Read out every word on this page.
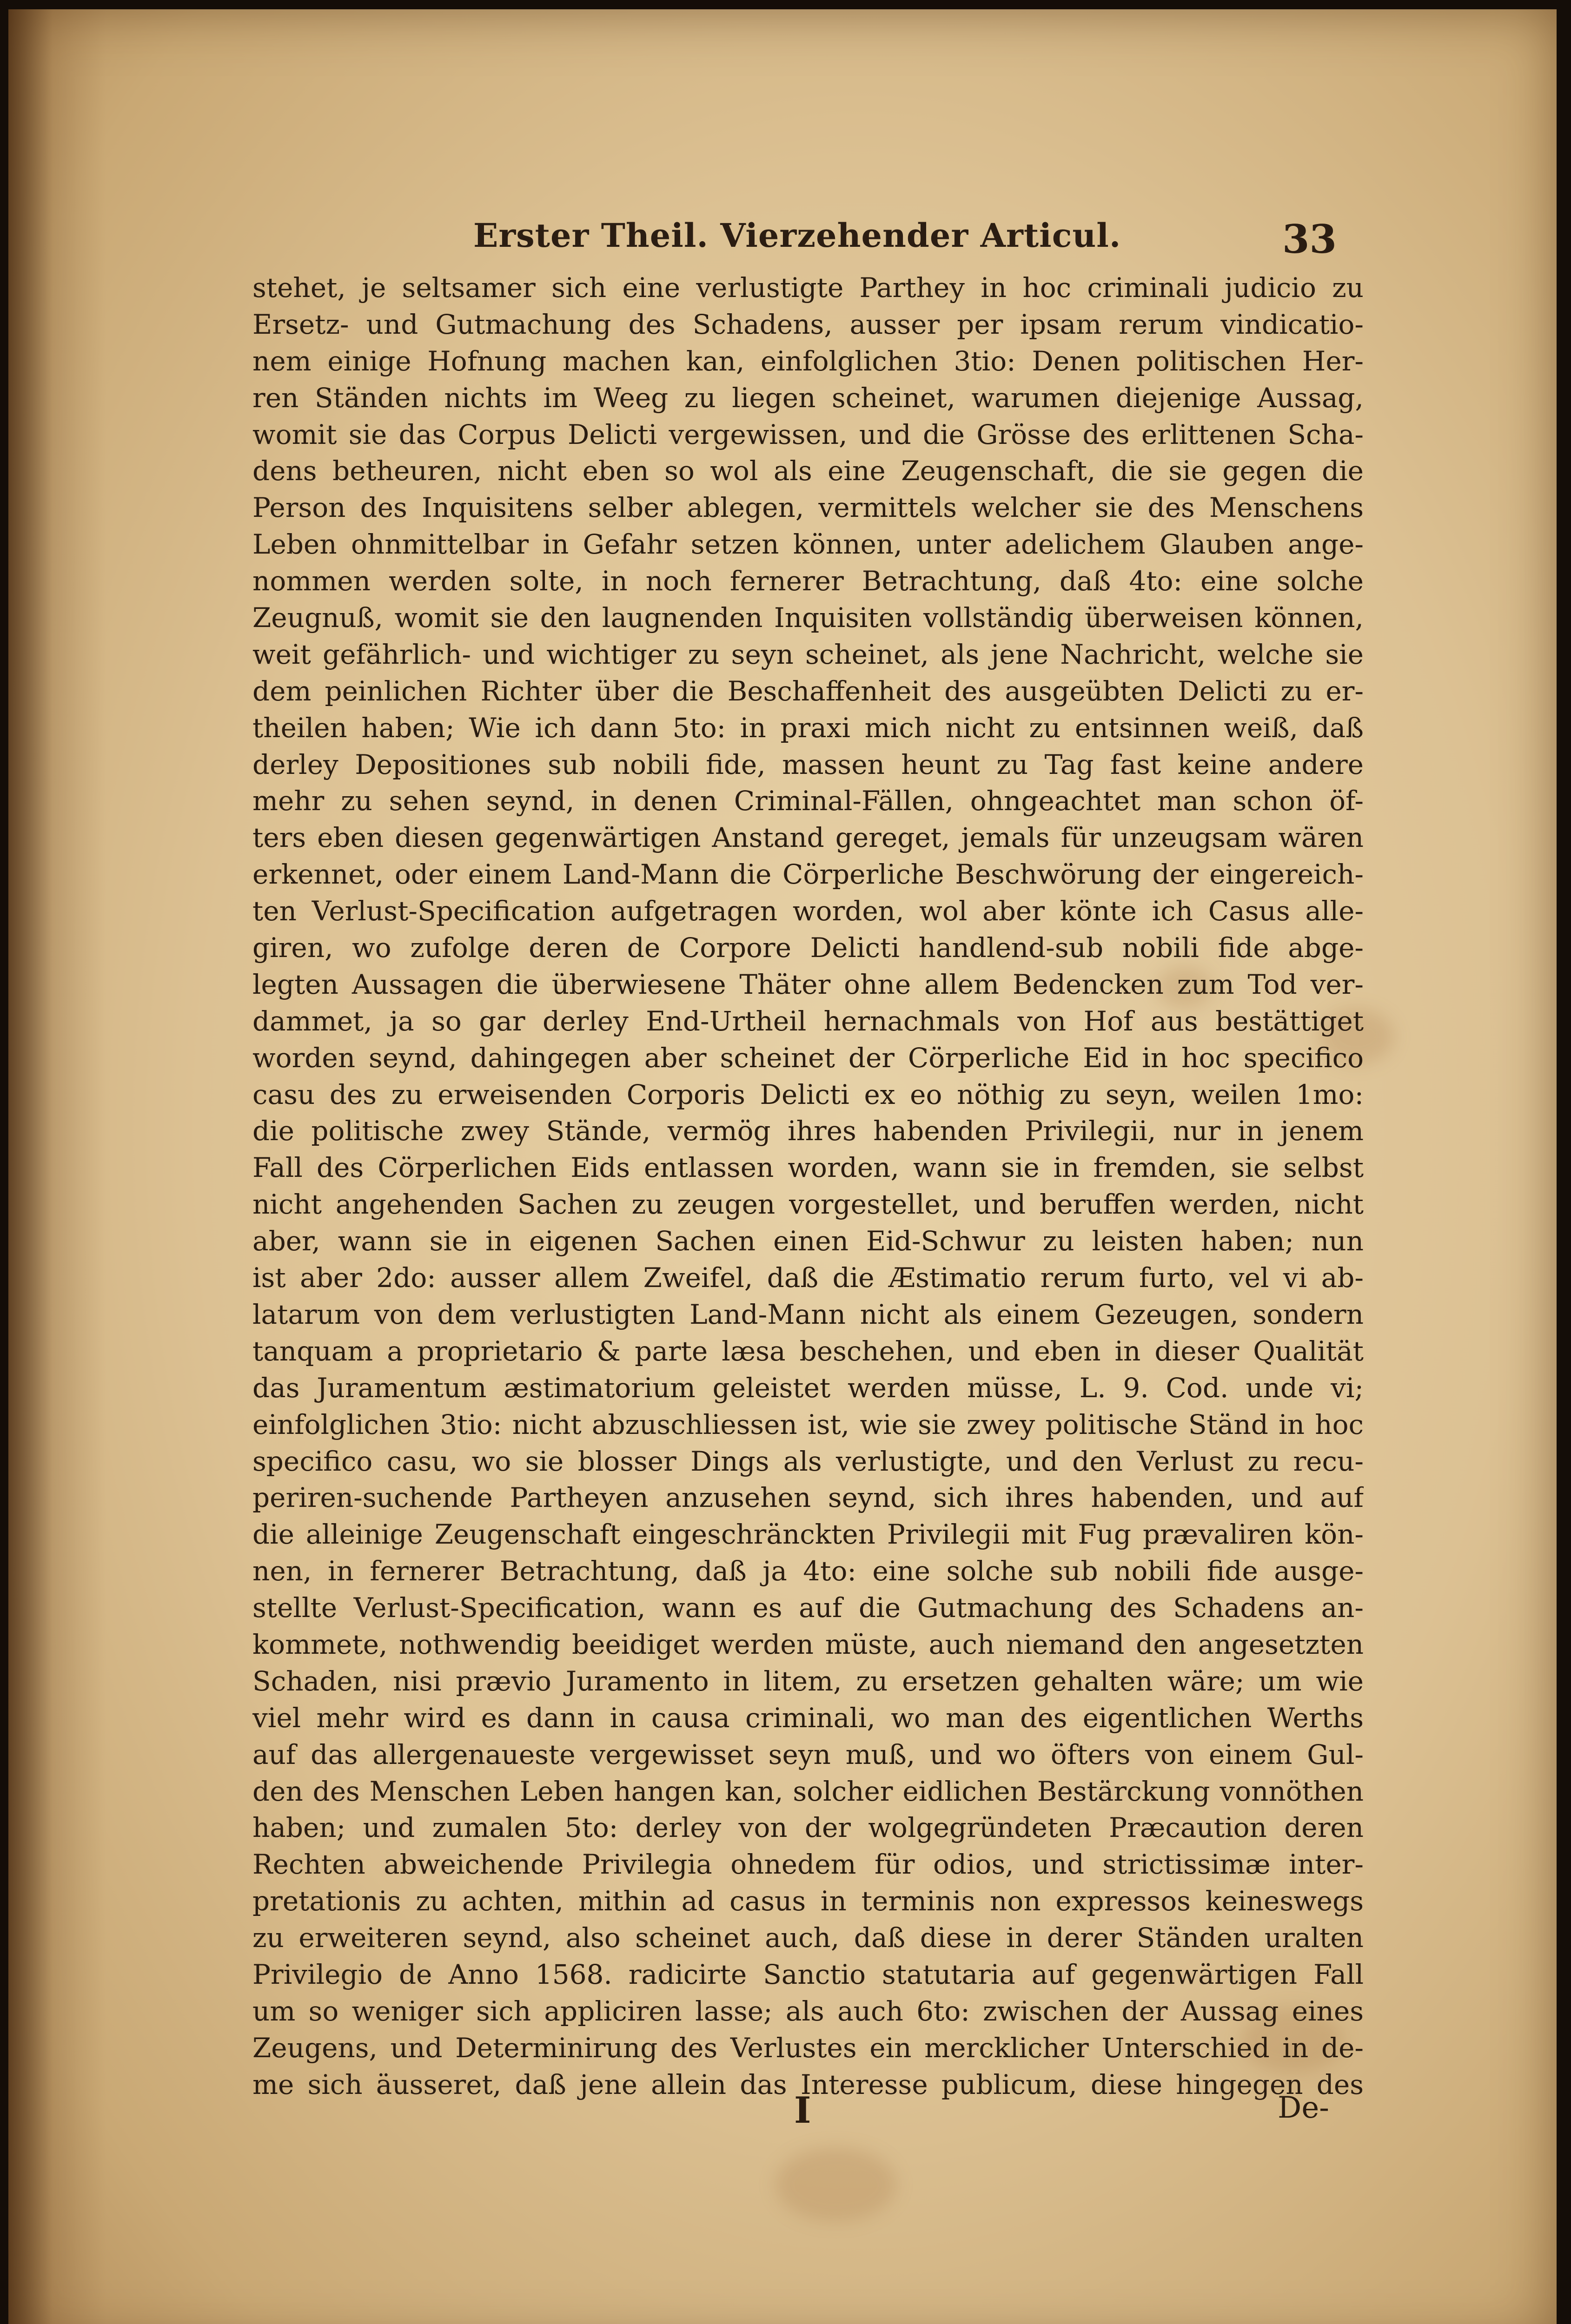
Erster Theil. Vierzehender Articul.	33
stehet, je seltsamer sich eine verlustigte Parthey in hoc criminali judicio zu
Ersetz- und Gutmachung des Schadens, ausser per ipsam rerum vindicatio-
nem einige Hofnung machen kan, einfolglichen 3tio: Denen politischen Her-
ren Ständen nichts im Weeg zu liegen scheinet, warumen diejenige Aussag,
womit sie das Corpus Delicti vergewissen, und die Grösse des erlittenen Scha-
dens betheuren, nicht eben so wol als eine Zeugenschaft, die sie gegen die
Person des Inquisitens selber ablegen, vermittels welcher sie des Menschens
Leben ohnmittelbar in Gefahr setzen können, unter adelichem Glauben ange-
nommen werden solte, in noch fernerer Betrachtung, daß 4to: eine solche
Zeugnuß, womit sie den laugnenden Inquisiten vollständig überweisen können,
weit gefährlich- und wichtiger zu seyn scheinet, als jene Nachricht, welche sie
dem peinlichen Richter über die Beschaffenheit des ausgeübten Delicti zu er-
theilen haben; Wie ich dann 5to: in praxi mich nicht zu entsinnen weiß, daß
derley Depositiones sub nobili fide, massen heunt zu Tag fast keine andere
mehr zu sehen seynd, in denen Criminal-Fällen, ohngeachtet man schon öf-
ters eben diesen gegenwärtigen Anstand gereget, jemals für unzeugsam wären
erkennet, oder einem Land-Mann die Cörperliche Beschwörung der eingereich-
ten Verlust-Specification aufgetragen worden, wol aber könte ich Casus alle-
giren, wo zufolge deren de Corpore Delicti handlend-sub nobili fide abge-
legten Aussagen die überwiesene Thäter ohne allem Bedencken zum Tod ver-
dammet, ja so gar derley End-Urtheil hernachmals von Hof aus bestättiget
worden seynd, dahingegen aber scheinet der Cörperliche Eid in hoc specifico
casu des zu erweisenden Corporis Delicti ex eo nöthig zu seyn, weilen 1mo:
die politische zwey Stände, vermög ihres habenden Privilegii, nur in jenem
Fall des Cörperlichen Eids entlassen worden, wann sie in fremden, sie selbst
nicht angehenden Sachen zu zeugen vorgestellet, und beruffen werden, nicht
aber, wann sie in eigenen Sachen einen Eid-Schwur zu leisten haben; nun
ist aber 2do: ausser allem Zweifel, daß die Æstimatio rerum furto, vel vi ab-
latarum von dem verlustigten Land-Mann nicht als einem Gezeugen, sondern
tanquam a proprietario & parte læsa beschehen, und eben in dieser Qualität
das Juramentum æstimatorium geleistet werden müsse, L. 9. Cod. unde vi;
einfolglichen 3tio: nicht abzuschliessen ist, wie sie zwey politische Ständ in hoc
specifico casu, wo sie blosser Dings als verlustigte, und den Verlust zu recu-
periren-suchende Partheyen anzusehen seynd, sich ihres habenden, und auf
die alleinige Zeugenschaft eingeschränckten Privilegii mit Fug prævaliren kön-
nen, in fernerer Betrachtung, daß ja 4to: eine solche sub nobili fide ausge-
stellte Verlust-Specification, wann es auf die Gutmachung des Schadens an-
kommete, nothwendig beeidiget werden müste, auch niemand den angesetzten
Schaden, nisi prævio Juramento in litem, zu ersetzen gehalten wäre; um wie
viel mehr wird es dann in causa criminali, wo man des eigentlichen Werths
auf das allergenaueste vergewisset seyn muß, und wo öfters von einem Gul-
den des Menschen Leben hangen kan, solcher eidlichen Bestärckung vonnöthen
haben; und zumalen 5to: derley von der wolgegründeten Præcaution deren
Rechten abweichende Privilegia ohnedem für odios, und strictissimæ inter-
pretationis zu achten, mithin ad casus in terminis non expressos keineswegs
zu erweiteren seynd, also scheinet auch, daß diese in derer Ständen uralten
Privilegio de Anno 1568. radicirte Sanctio statutaria auf gegenwärtigen Fall
um so weniger sich appliciren lasse; als auch 6to: zwischen der Aussag eines
Zeugens, und Determinirung des Verlustes ein mercklicher Unterschied in de-
me sich äusseret, daß jene allein das Interesse publicum, diese hingegen des
I	De-
